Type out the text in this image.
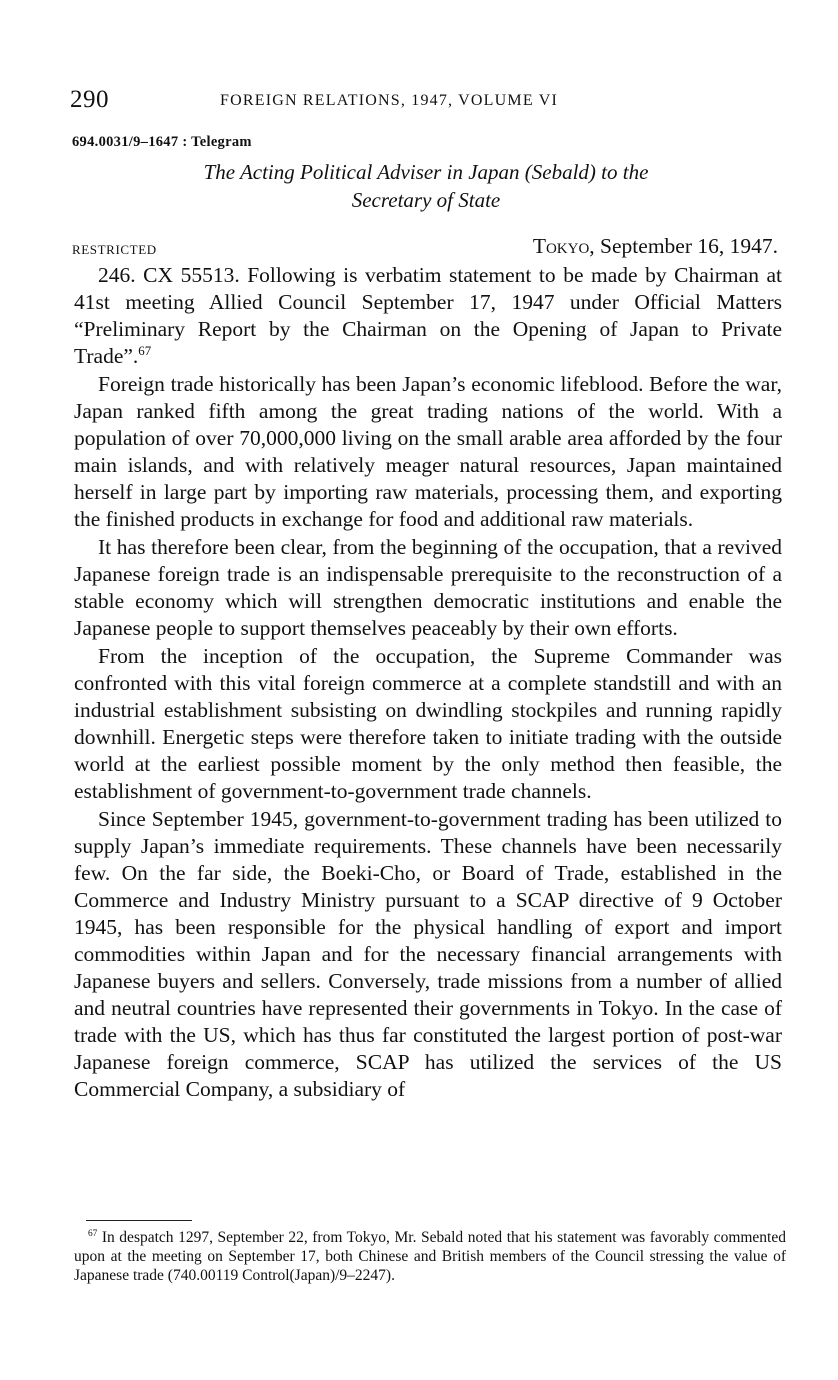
290	FOREIGN RELATIONS, 1947, VOLUME VI
694.0031/9–1647 : Telegram
The Acting Political Adviser in Japan (Sebald) to the
Secretary of State
RESTRICTED	Tokyo, September 16, 1947.

246. CX 55513. Following is verbatim statement to be made by Chairman at 41st meeting Allied Council September 17, 1947 under Official Matters “Preliminary Report by the Chairman on the Opening of Japan to Private Trade”.$^{67}$

Foreign trade historically has been Japan’s economic lifeblood. Before the war, Japan ranked fifth among the great trading nations of the world. With a population of over 70,000,000 living on the small arable area afforded by the four main islands, and with relatively meager natural resources, Japan maintained herself in large part by importing raw materials, processing them, and exporting the finished products in exchange for food and additional raw materials.

It has therefore been clear, from the beginning of the occupation, that a revived Japanese foreign trade is an indispensable prerequisite to the reconstruction of a stable economy which will strengthen democratic institutions and enable the Japanese people to support themselves peaceably by their own efforts.

From the inception of the occupation, the Supreme Commander was confronted with this vital foreign commerce at a complete standstill and with an industrial establishment subsisting on dwindling stockpiles and running rapidly downhill. Energetic steps were therefore taken to initiate trading with the outside world at the earliest possible moment by the only method then feasible, the establishment of government-to-government trade channels.

Since September 1945, government-to-government trading has been utilized to supply Japan’s immediate requirements. These channels have been necessarily few. On the far side, the Boeki-Cho, or Board of Trade, established in the Commerce and Industry Ministry pursuant to a SCAP directive of 9 October 1945, has been responsible for the physical handling of export and import commodities within Japan and for the necessary financial arrangements with Japanese buyers and sellers. Conversely, trade missions from a number of allied and neutral countries have represented their governments in Tokyo. In the case of trade with the US, which has thus far constituted the largest portion of post-war Japanese foreign commerce, SCAP has utilized the services of the US Commercial Company, a subsidiary of

$^{67}$ In despatch 1297, September 22, from Tokyo, Mr. Sebald noted that his statement was favorably commented upon at the meeting on September 17, both Chinese and British members of the Council stressing the value of Japanese trade (740.00119 Control(Japan)/9–2247).
